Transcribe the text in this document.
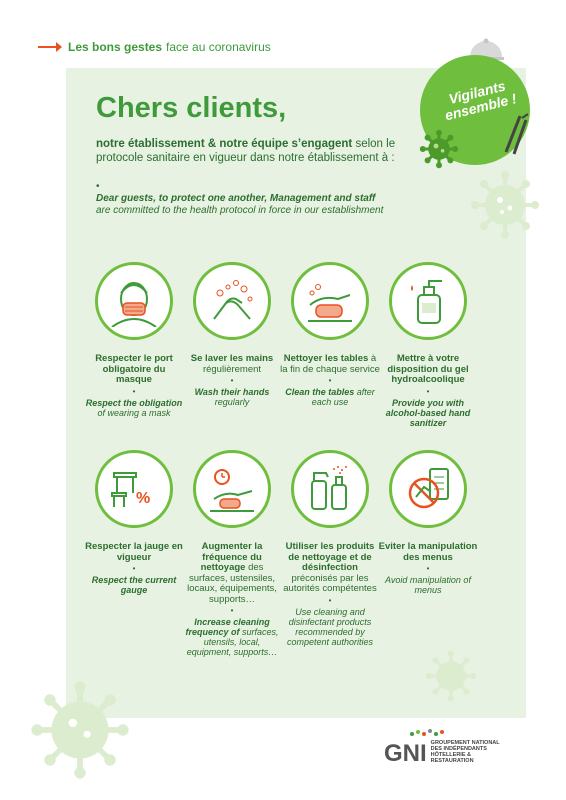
Les bons gestes face au coronavirus
Vigilants ensemble !
Chers clients,
notre établissement & notre équipe s’engagent selon le protocole sanitaire en vigueur dans notre établissement à :
•
Dear guests, to protect one another, Management and staff
are committed to the health protocol in force in our establishment
Respecter le port obligatoire du masque
•
Respect the obligation of wearing a mask
Se laver les mains régulièrement
•
Wash their hands regularly
Nettoyer les tables à la fin de chaque service
•
Clean the tables after each use
Mettre à votre disposition du gel hydroalcoolique
•
Provide you with alcohol-based hand sanitizer
%
Respecter la jauge en vigueur
•
Respect the current gauge
Augmenter la fréquence du nettoyage des surfaces, ustensiles, locaux, équipements, supports…
•
Increase cleaning frequency of surfaces, utensils, local, equipment, supports…
Utiliser les produits de nettoyage et de désinfection préconisés par les autorités compétentes
•
Use cleaning and disinfectant products recommended by competent authorities
Eviter la manipulation des menus
•
Avoid manipulation of menus
GNI GROUPEMENT NATIONAL DES INDÉPENDANTS HÔTELLERIE & RESTAURATION
